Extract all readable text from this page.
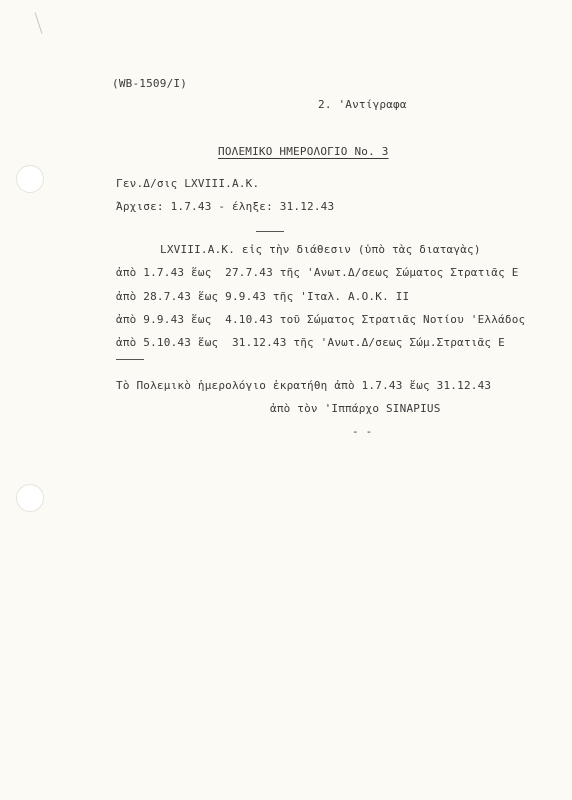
(WB-1509/I)
2. 'Αντίγραφα
ΠΟΛΕΜΙΚΟ ΗΜΕΡΟΛΟΓΙΟ Νο. 3
Γεν.Δ/σις LXVIII.A.K.
Άρχισε: 1.7.43 - έληξε: 31.12.43
LXVIII.A.K. εἰς τὴν διάθεσιν (ὑπὸ τὰς διαταγὰς)
ἀπὸ 1.7.43 ἕως  27.7.43 τῆς 'Ανωτ.Δ/σεως Σώματος Στρατιᾶς E
ἀπὸ 28.7.43 ἕως 9.9.43 τῆς 'Ιταλ. A.O.K. II
ἀπὸ 9.9.43 ἕως  4.10.43 τοῦ Σώματος Στρατιᾶς Νοτίου 'Ελλάδος
ἀπὸ 5.10.43 ἕως  31.12.43 τῆς 'Ανωτ.Δ/σεως Σώμ.Στρατιᾶς E
Τὸ Πολεμικὸ ἡμερολόγιο ἐκρατήθη ἀπὸ 1.7.43 ἕως 31.12.43
ἀπὸ τὸν 'Ιππάρχο SINAPIUS
- -
